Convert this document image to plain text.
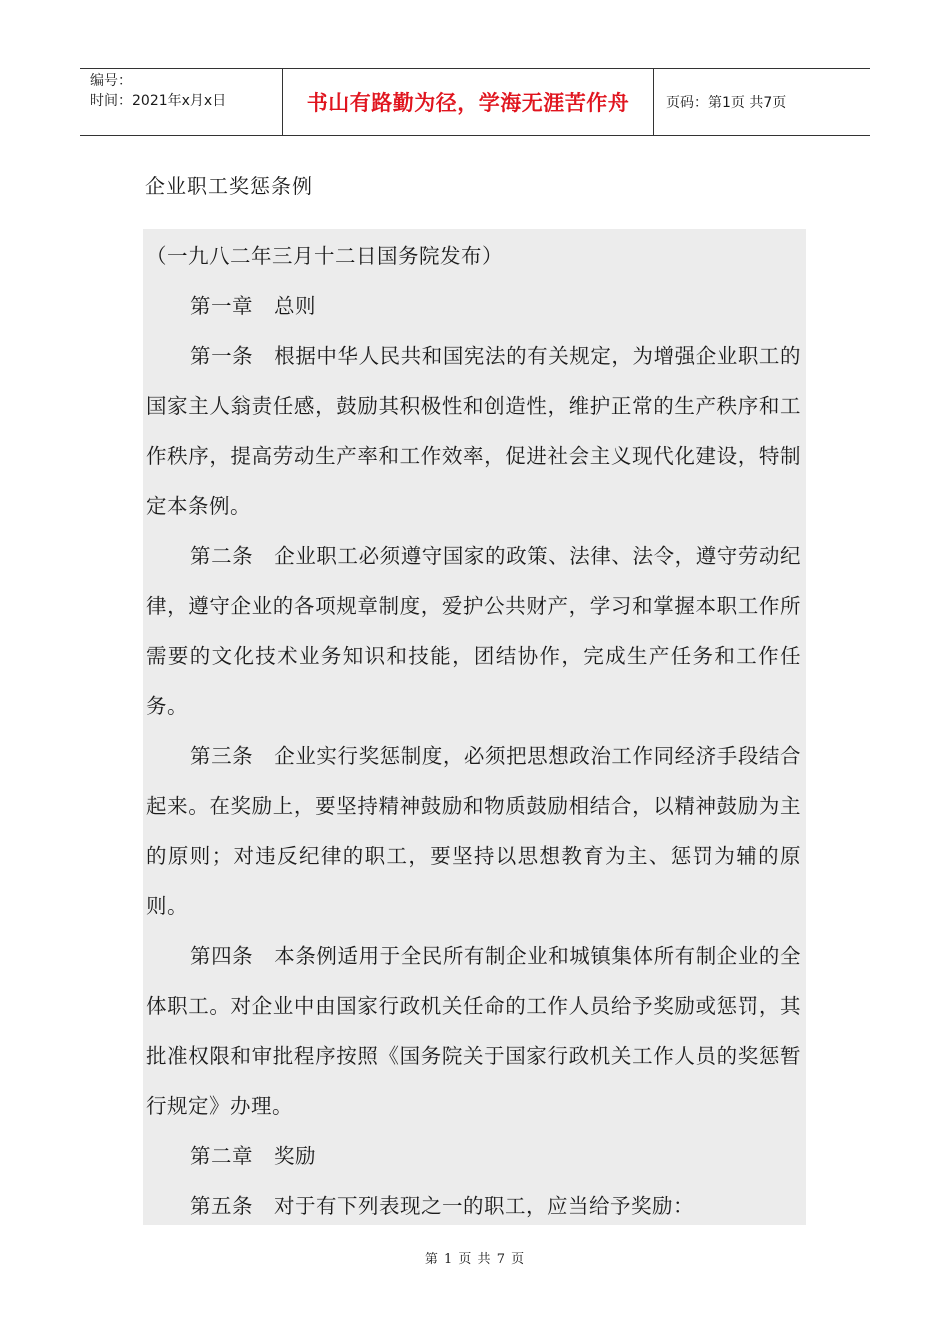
编号：
时间：2021年x月x日	书山有路勤为径，学海无涯苦作舟	页码：第1页 共7页
企业职工奖惩条例

（一九八二年三月十二日国务院发布）

第一章　总则

第一条　根据中华人民共和国宪法的有关规定，为增强企业职工的国家主人翁责任感，鼓励其积极性和创造性，维护正常的生产秩序和工作秩序，提高劳动生产率和工作效率，促进社会主义现代化建设，特制定本条例。

第二条　企业职工必须遵守国家的政策、法律、法令，遵守劳动纪律，遵守企业的各项规章制度，爱护公共财产，学习和掌握本职工作所需要的文化技术业务知识和技能，团结协作，完成生产任务和工作任务。

第三条　企业实行奖惩制度，必须把思想政治工作同经济手段结合起来。在奖励上，要坚持精神鼓励和物质鼓励相结合，以精神鼓励为主的原则；对违反纪律的职工，要坚持以思想教育为主、惩罚为辅的原则。

第四条　本条例适用于全民所有制企业和城镇集体所有制企业的全体职工。对企业中由国家行政机关任命的工作人员给予奖励或惩罚，其批准权限和审批程序按照《国务院关于国家行政机关工作人员的奖惩暂行规定》办理。

第二章　奖励

第五条　对于有下列表现之一的职工，应当给予奖励：

第 1 页 共 7 页
